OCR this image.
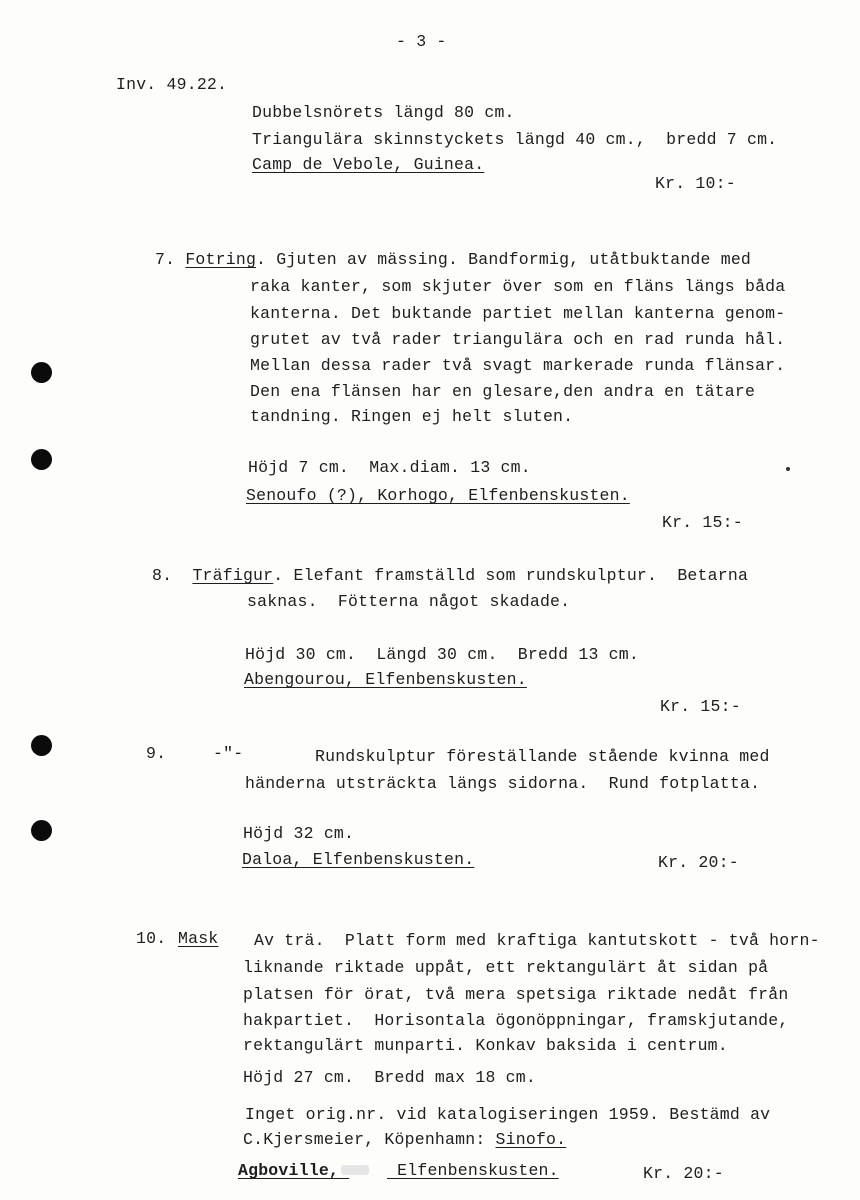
- 3 -
Inv. 49.22.
Dubbelsnörets längd 80 cm.
Triangulära skinnstyckets längd 40 cm.,  bredd 7 cm.
Camp de Vebole, Guinea.
Kr. 10:-
7. Fotring. Gjuten av mässing. Bandformig, utåtbuktande med
raka kanter, som skjuter över som en fläns längs båda
kanterna. Det buktande partiet mellan kanterna genom-
grutet av två rader triangulära och en rad runda hål.
Mellan dessa rader två svagt markerade runda flänsar.
Den ena flänsen har en glesare,den andra en tätare
tandning. Ringen ej helt sluten.
Höjd 7 cm.  Max.diam. 13 cm.
Senoufo (?), Korhogo, Elfenbenskusten.
Kr. 15:-
8. Träfigur. Elefant framställd som rundskulptur.  Betarna
saknas.  Fötterna något skadade.
Höjd 30 cm.  Längd 30 cm.  Bredd 13 cm.
Abengourou, Elfenbenskusten.
Kr. 15:-
9.	-"-	Rundskulptur föreställande stående kvinna med
händerna utsträckta längs sidorna.  Rund fotplatta.
Höjd 32 cm.
Daloa, Elfenbenskusten.	Kr. 20:-
10. Mask Av trä.  Platt form med kraftiga kantutskott - två horn-
liknande riktade uppåt, ett rektangulärt åt sidan på
platsen för örat, två mera spetsiga riktade nedåt från
hakpartiet.  Horisontala ögonöppningar, framskjutande,
rektangulärt munparti. Konkav baksida i centrum.
Höjd 27 cm.  Bredd max 18 cm.
Inget orig.nr. vid katalogiseringen 1959. Bestämd av
C.Kjersmeier, Köpenhamn: Sinofo.
Agboville,	Elfenbenskusten.	Kr. 20:-
